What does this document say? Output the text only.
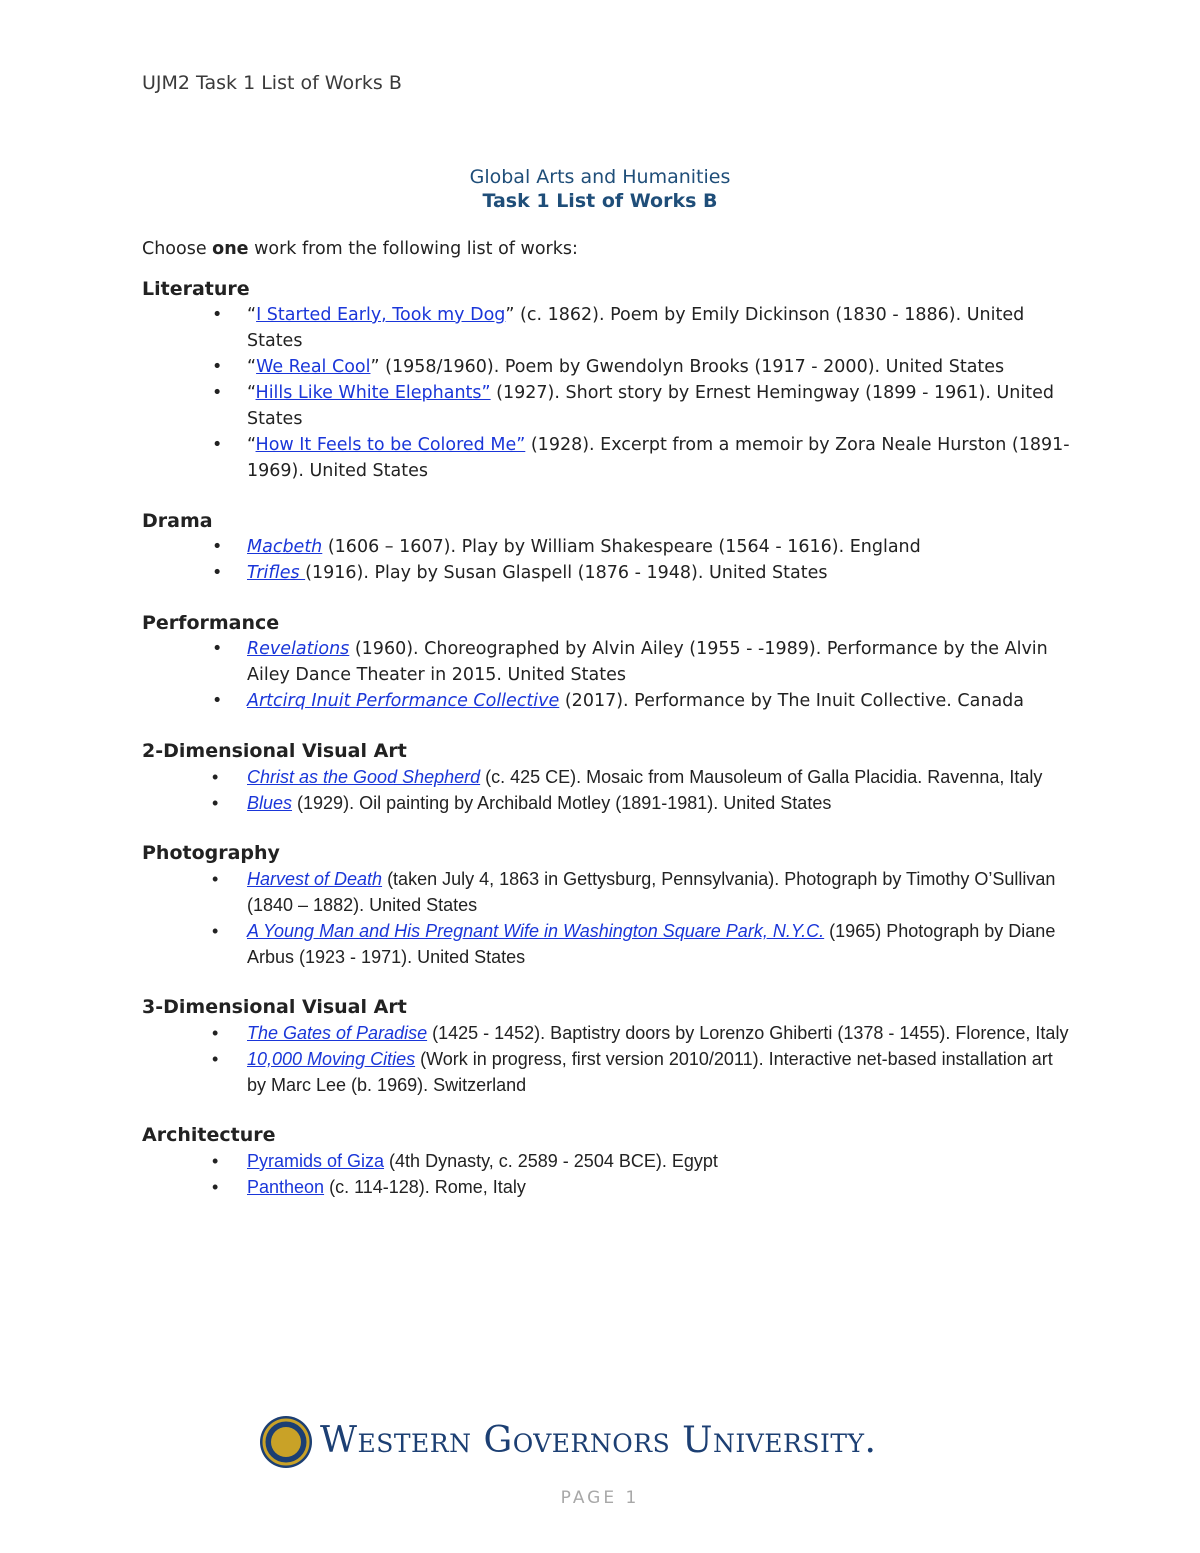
UJM2 Task 1 List of Works B
Global Arts and Humanities
Task 1 List of Works B

Choose one work from the following list of works:

Literature
• “I Started Early, Took my Dog” (c. 1862). Poem by Emily Dickinson (1830 - 1886). United States
• “We Real Cool” (1958/1960). Poem by Gwendolyn Brooks (1917 - 2000). United States
• “Hills Like White Elephants” (1927). Short story by Ernest Hemingway (1899 - 1961). United States
• “How It Feels to be Colored Me” (1928). Excerpt from a memoir by Zora Neale Hurston (1891-1969). United States
Drama
• Macbeth (1606 – 1607). Play by William Shakespeare (1564 - 1616). England
• Trifles (1916). Play by Susan Glaspell (1876 - 1948). United States
Performance
• Revelations (1960). Choreographed by Alvin Ailey (1955 - -1989). Performance by the Alvin Ailey Dance Theater in 2015. United States
• Artcirq Inuit Performance Collective (2017). Performance by The Inuit Collective. Canada
2-Dimensional Visual Art
• Christ as the Good Shepherd (c. 425 CE). Mosaic from Mausoleum of Galla Placidia. Ravenna, Italy
• Blues (1929). Oil painting by Archibald Motley (1891-1981). United States
Photography
• Harvest of Death (taken July 4, 1863 in Gettysburg, Pennsylvania). Photograph by Timothy O’Sullivan (1840 – 1882). United States
• A Young Man and His Pregnant Wife in Washington Square Park, N.Y.C. (1965) Photograph by Diane Arbus (1923 - 1971). United States
3-Dimensional Visual Art
• The Gates of Paradise (1425 - 1452). Baptistry doors by Lorenzo Ghiberti (1378 - 1455). Florence, Italy
• 10,000 Moving Cities (Work in progress, first version 2010/2011). Interactive net-based installation art by Marc Lee (b. 1969). Switzerland
Architecture
• Pyramids of Giza (4th Dynasty, c. 2589 - 2504 BCE). Egypt
• Pantheon (c. 114-128). Rome, Italy
Western Governors University.
PAGE 1
